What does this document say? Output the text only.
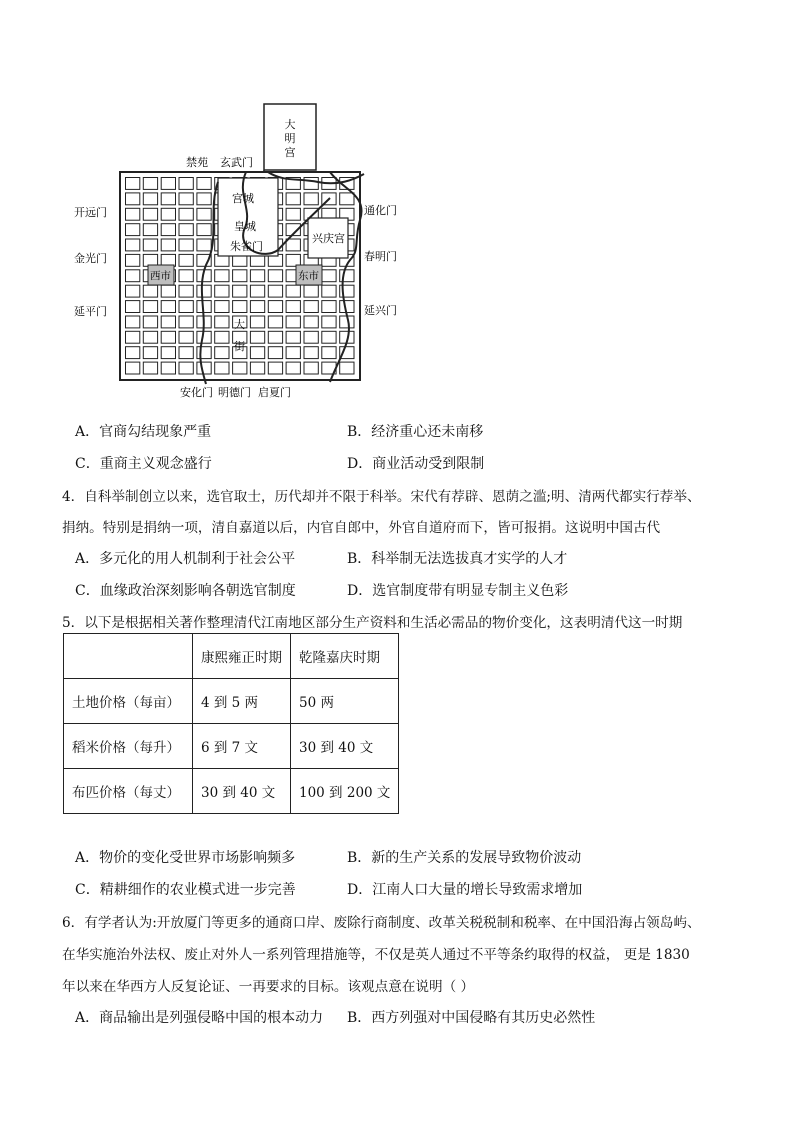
大明宫
禁苑 玄武门
开远门
金光门
延平门
通化门
春明门
延兴门
安化门 明德门 启夏门
宫城
皇城
朱雀门
兴庆宫
西市	东市
大
街
A．官商勾结现象严重	B．经济重心还未南移
C．重商主义观念盛行	D．商业活动受到限制
4．自科举制创立以来，选官取士，历代却并不限于科举。宋代有荐辟、恩荫之滥;明、清两代都实行荐举、
捐纳。特别是捐纳一项，清自嘉道以后，内官自郎中，外官自道府而下，皆可报捐。这说明中国古代
A．多元化的用人机制利于社会公平	B．科举制无法选拔真才实学的人才
C．血缘政治深刻影响各朝选官制度	D．选官制度带有明显专制主义色彩
5．以下是根据相关著作整理清代江南地区部分生产资料和生活必需品的物价变化，这表明清代这一时期
	康熙雍正时期	乾隆嘉庆时期
土地价格（每亩）	4 到 5 两	50 两
稻米价格（每升）	6 到 7 文	30 到 40 文
布匹价格（每丈）	30 到 40 文	100 到 200 文
A．物价的变化受世界市场影响频多	B．新的生产关系的发展导致物价波动
C．精耕细作的农业模式进一步完善	D．江南人口大量的增长导致需求增加
6．有学者认为:开放厦门等更多的通商口岸、废除行商制度、改革关税税制和税率、在中国沿海占领岛屿、
在华实施治外法权、废止对外人一系列管理措施等，不仅是英人通过不平等条约取得的权益， 更是 1830
年以来在华西方人反复论证、一再要求的目标。该观点意在说明（ ）
A．商品输出是列强侵略中国的根本动力 B．西方列强对中国侵略有其历史必然性
